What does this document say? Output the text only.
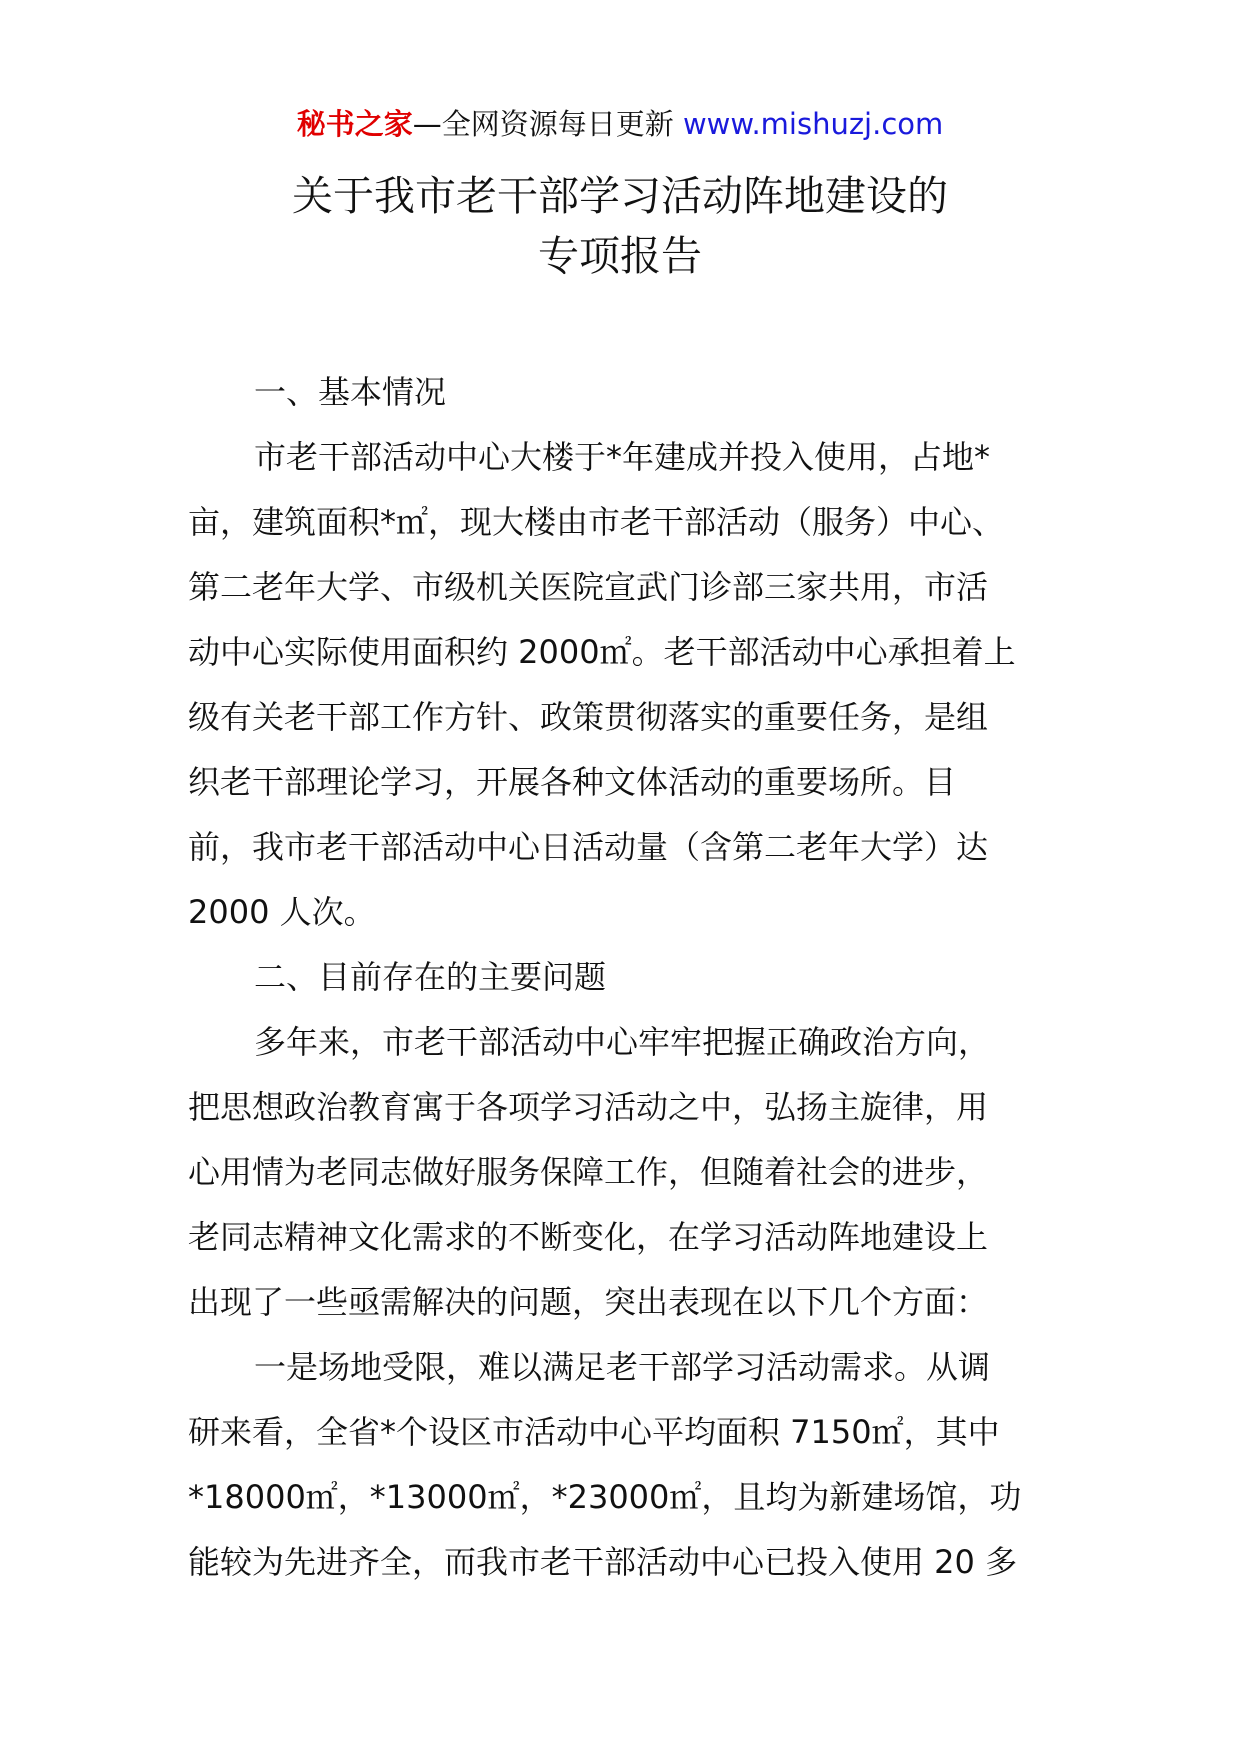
秘书之家—全网资源每日更新 www.mishuzj.com
关于我市老干部学习活动阵地建设的
专项报告
一、基本情况
市老干部活动中心大楼于*年建成并投入使用，占地*
亩，建筑面积*㎡，现大楼由市老干部活动（服务）中心、
第二老年大学、市级机关医院宣武门诊部三家共用，市活
动中心实际使用面积约 2000㎡。老干部活动中心承担着上
级有关老干部工作方针、政策贯彻落实的重要任务，是组
织老干部理论学习，开展各种文体活动的重要场所。目
前，我市老干部活动中心日活动量（含第二老年大学）达
2000 人次。
二、目前存在的主要问题
多年来，市老干部活动中心牢牢把握正确政治方向，
把思想政治教育寓于各项学习活动之中，弘扬主旋律，用
心用情为老同志做好服务保障工作，但随着社会的进步，
老同志精神文化需求的不断变化，在学习活动阵地建设上
出现了一些亟需解决的问题，突出表现在以下几个方面：
一是场地受限，难以满足老干部学习活动需求。从调
研来看，全省*个设区市活动中心平均面积 7150㎡，其中
*18000㎡，*13000㎡，*23000㎡，且均为新建场馆，功
能较为先进齐全，而我市老干部活动中心已投入使用 20 多
